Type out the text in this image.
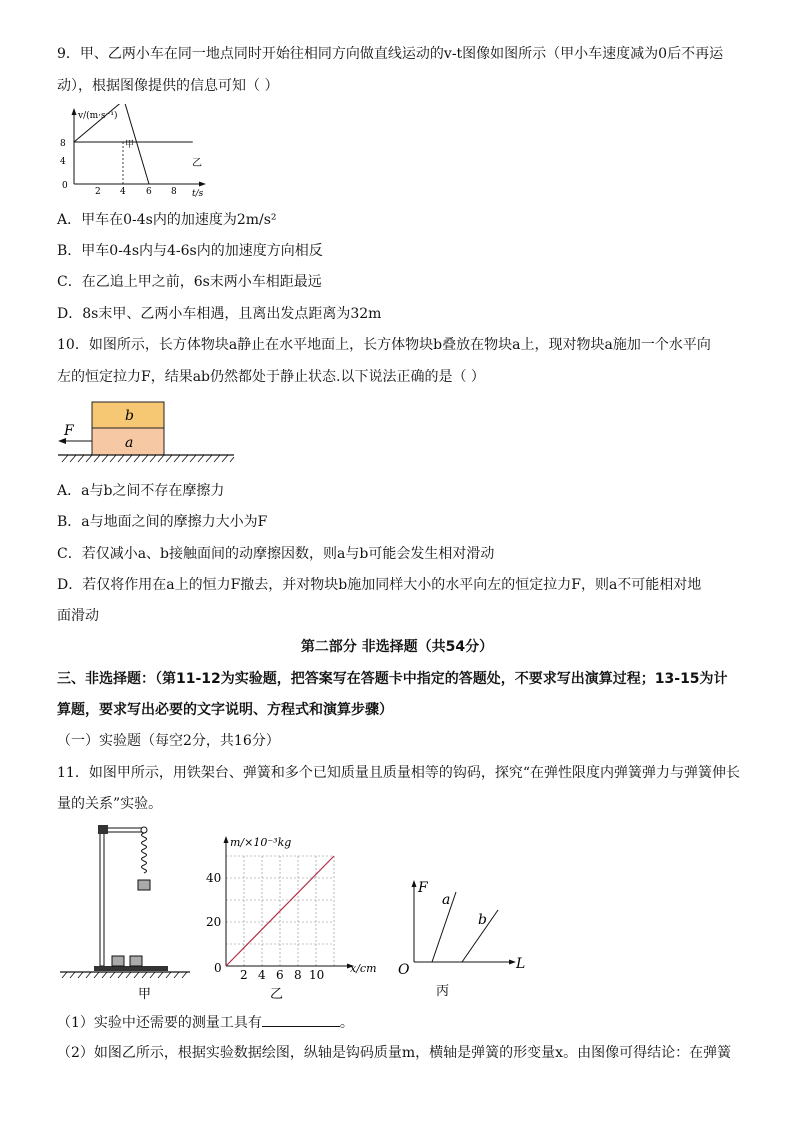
9．甲、乙两小车在同一地点同时开始往相同方向做直线运动的v-t图像如图所示（甲小车速度减为0后不再运
动），根据图像提供的信息可知（ ）
v/(m·s⁻¹)
t/s
8
4
0
2 4 6 8
甲
乙
A．甲车在0-4s内的加速度为2m/s²
B．甲车0-4s内与4-6s内的加速度方向相反
C．在乙追上甲之前，6s末两小车相距最远
D．8s末甲、乙两小车相遇，且离出发点距离为32m
10．如图所示，长方体物块a静止在水平地面上，长方体物块b叠放在物块a上，现对物块a施加一个水平向
左的恒定拉力F，结果ab仍然都处于静止状态.以下说法正确的是（ ）
b
a
F
A．a与b之间不存在摩擦力
B．a与地面之间的摩擦力大小为F
C．若仅减小a、b接触面间的动摩擦因数，则a与b可能会发生相对滑动
D．若仅将作用在a上的恒力F撤去，并对物块b施加同样大小的水平向左的恒定拉力F，则a不可能相对地
面滑动
第二部分 非选择题（共54分）
三、非选择题：（第11-12为实验题，把答案写在答题卡中指定的答题处，不要求写出演算过程；13-15为计
算题，要求写出必要的文字说明、方程式和演算步骤）
（一）实验题（每空2分，共16分）
11．如图甲所示，用铁架台、弹簧和多个已知质量且质量相等的钩码，探究“在弹性限度内弹簧弹力与弹簧伸长
量的关系”实验。
甲
m/×10⁻³kg
x/cm
40
20
0 2 4 6 8 10
乙
F
L
O
a
b
丙
（1）实验中还需要的测量工具有	。
（2）如图乙所示，根据实验数据绘图，纵轴是钩码质量m，横轴是弹簧的形变量x。由图像可得结论：在弹簧
